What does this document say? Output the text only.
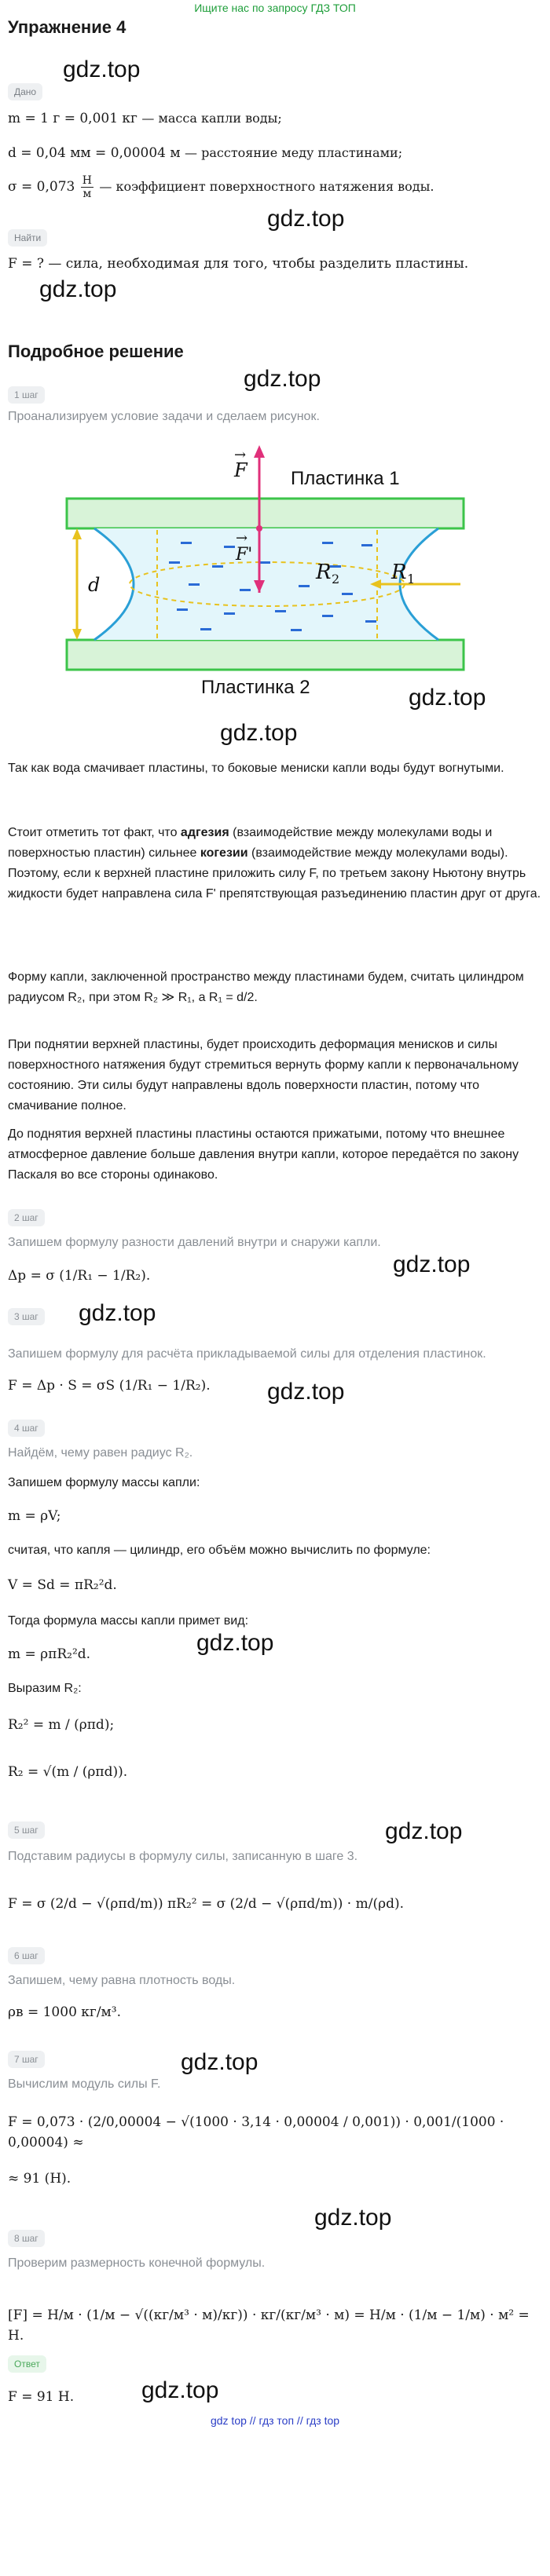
Ищите нас по запросу ГДЗ ТОП
Упражнение 4
gdz.top
Дано
m = 1 г = 0,001 кг — масса капли воды;
d = 0,04 мм = 0,00004 м — расстояние меду пластинами;
$\sigma = 0,073 \frac{Н}{м}$ — коэффициент поверхностного натяжения воды.
gdz.top
Найти
F = ? — сила, необходимая для того, чтобы разделить пластины.
gdz.top
Подробное решение
gdz.top
1 шаг
Проанализируем условие задачи и сделаем рисунок.
F
→
Пластинка 1
d
F'
→
R 2	R 1
Пластинка 2	gdz.top
gdz.top
Так как вода смачивает пластины, то боковые мениски капли воды будут вогнутыми.
Стоит отметить тот факт, что адгезия (взаимодействие между молекулами воды и поверхностью пластин) сильнее когезии (взаимодействие между молекулами воды). Поэтому, если к верхней пластине приложить силу F, по третьем закону Ньютону внутрь жидкости будет направлена сила F' препятствующая разъединению пластин друг от друга.
Форму капли, заключенной пространство между пластинами будем, считать цилиндром радиусом R₂, при этом R₂ ≫ R₁, а R₁ = d/2.
При поднятии верхней пластины, будет происходить деформация менисков и силы поверхностного натяжения будут стремиться вернуть форму капли к первоначальному состоянию. Эти силы будут направлены вдоль поверхности пластин, потому что смачивание полное.
До поднятия верхней пластины пластины остаются прижатыми, потому что внешнее атмосферное давление больше давления внутри капли, которое передаётся по закону Паскаля во все стороны одинаково.
2 шаг
Запишем формулу разности давлений внутри и снаружи капли.
Δp = σ (1/R₁ − 1/R₂).	gdz.top
gdz.top
3 шаг
Запишем формулу для расчёта прикладываемой силы для отделения пластинок.
F = Δp · S = σS (1/R₁ − 1/R₂). gdz.top
4 шаг
Найдём, чему равен радиус R₂.
Запишем формулу массы капли:
m = ρV;
считая, что капля — цилиндр, его объём можно вычислить по формуле:
V = Sd = πR₂²d.
Тогда формула массы капли примет вид:
m = ρπR₂²d.	gdz.top
Выразим R₂:
R₂² = m / (ρπd);
R₂ = √(m / (ρπd)).
5 шаг	gdz.top
Подставим радиусы в формулу силы, записанную в шаге 3.
F = σ (2/d − √(ρπd/m)) πR₂² = σ (2/d − √(ρπd/m)) · m/(ρd).
6 шаг
Запишем, чему равна плотность воды.
ρв = 1000 кг/м³.
gdz.top
7 шаг
Вычислим модуль силы F.
F = 0,073 · (2/0,00004 − √(1000 · 3,14 · 0,00004 / 0,001)) · 0,001/(1000 · 0,00004) ≈
≈ 91 (Н).
gdz.top
8 шаг
Проверим размерность конечной формулы.
[F] = Н/м · (1/м − √((кг/м³ · м)/кг)) · кг/(кг/м³ · м) = Н/м · (1/м − 1/м) · м² = Н.
Ответ
F = 91 Н.	gdz.top
gdz top // гдз топ // гдз top
